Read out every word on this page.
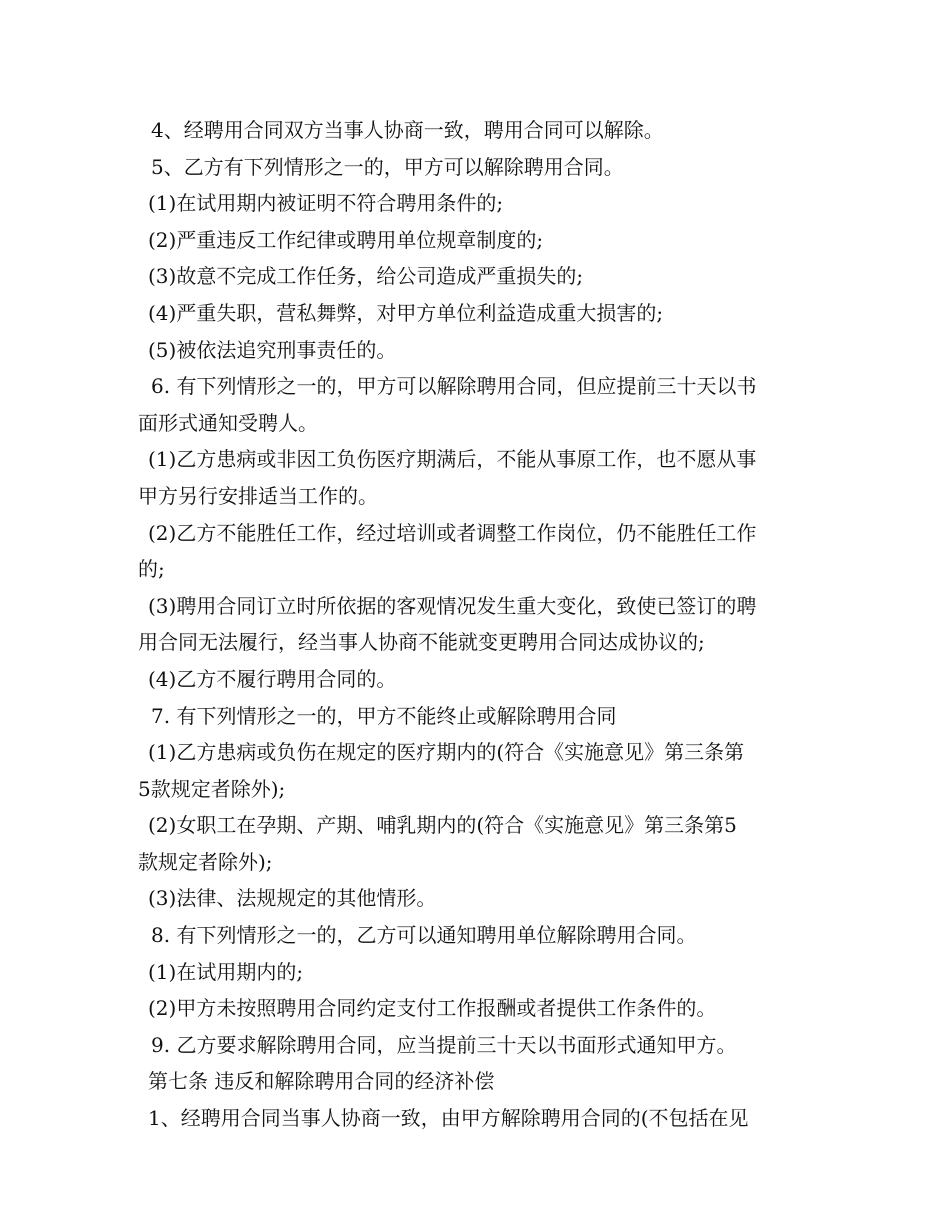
4、经聘用合同双方当事人协商一致，聘用合同可以解除。
5、乙方有下列情形之一的，甲方可以解除聘用合同。
(1)在试用期内被证明不符合聘用条件的;
(2)严重违反工作纪律或聘用单位规章制度的;
(3)故意不完成工作任务，给公司造成严重损失的;
(4)严重失职，营私舞弊，对甲方单位利益造成重大损害的;
(5)被依法追究刑事责任的。
6. 有下列情形之一的，甲方可以解除聘用合同，但应提前三十天以书
面形式通知受聘人。
(1)乙方患病或非因工负伤医疗期满后，不能从事原工作，也不愿从事
甲方另行安排适当工作的。
(2)乙方不能胜任工作，经过培训或者调整工作岗位，仍不能胜任工作
的;
(3)聘用合同订立时所依据的客观情况发生重大变化，致使已签订的聘
用合同无法履行，经当事人协商不能就变更聘用合同达成协议的;
(4)乙方不履行聘用合同的。
7. 有下列情形之一的，甲方不能终止或解除聘用合同
(1)乙方患病或负伤在规定的医疗期内的(符合《实施意见》第三条第
5款规定者除外);
(2)女职工在孕期、产期、哺乳期内的(符合《实施意见》第三条第5
款规定者除外);
(3)法律、法规规定的其他情形。
8. 有下列情形之一的，乙方可以通知聘用单位解除聘用合同。
(1)在试用期内的;
(2)甲方未按照聘用合同约定支付工作报酬或者提供工作条件的。
9. 乙方要求解除聘用合同，应当提前三十天以书面形式通知甲方。
第七条 违反和解除聘用合同的经济补偿
1、经聘用合同当事人协商一致，由甲方解除聘用合同的(不包括在见
